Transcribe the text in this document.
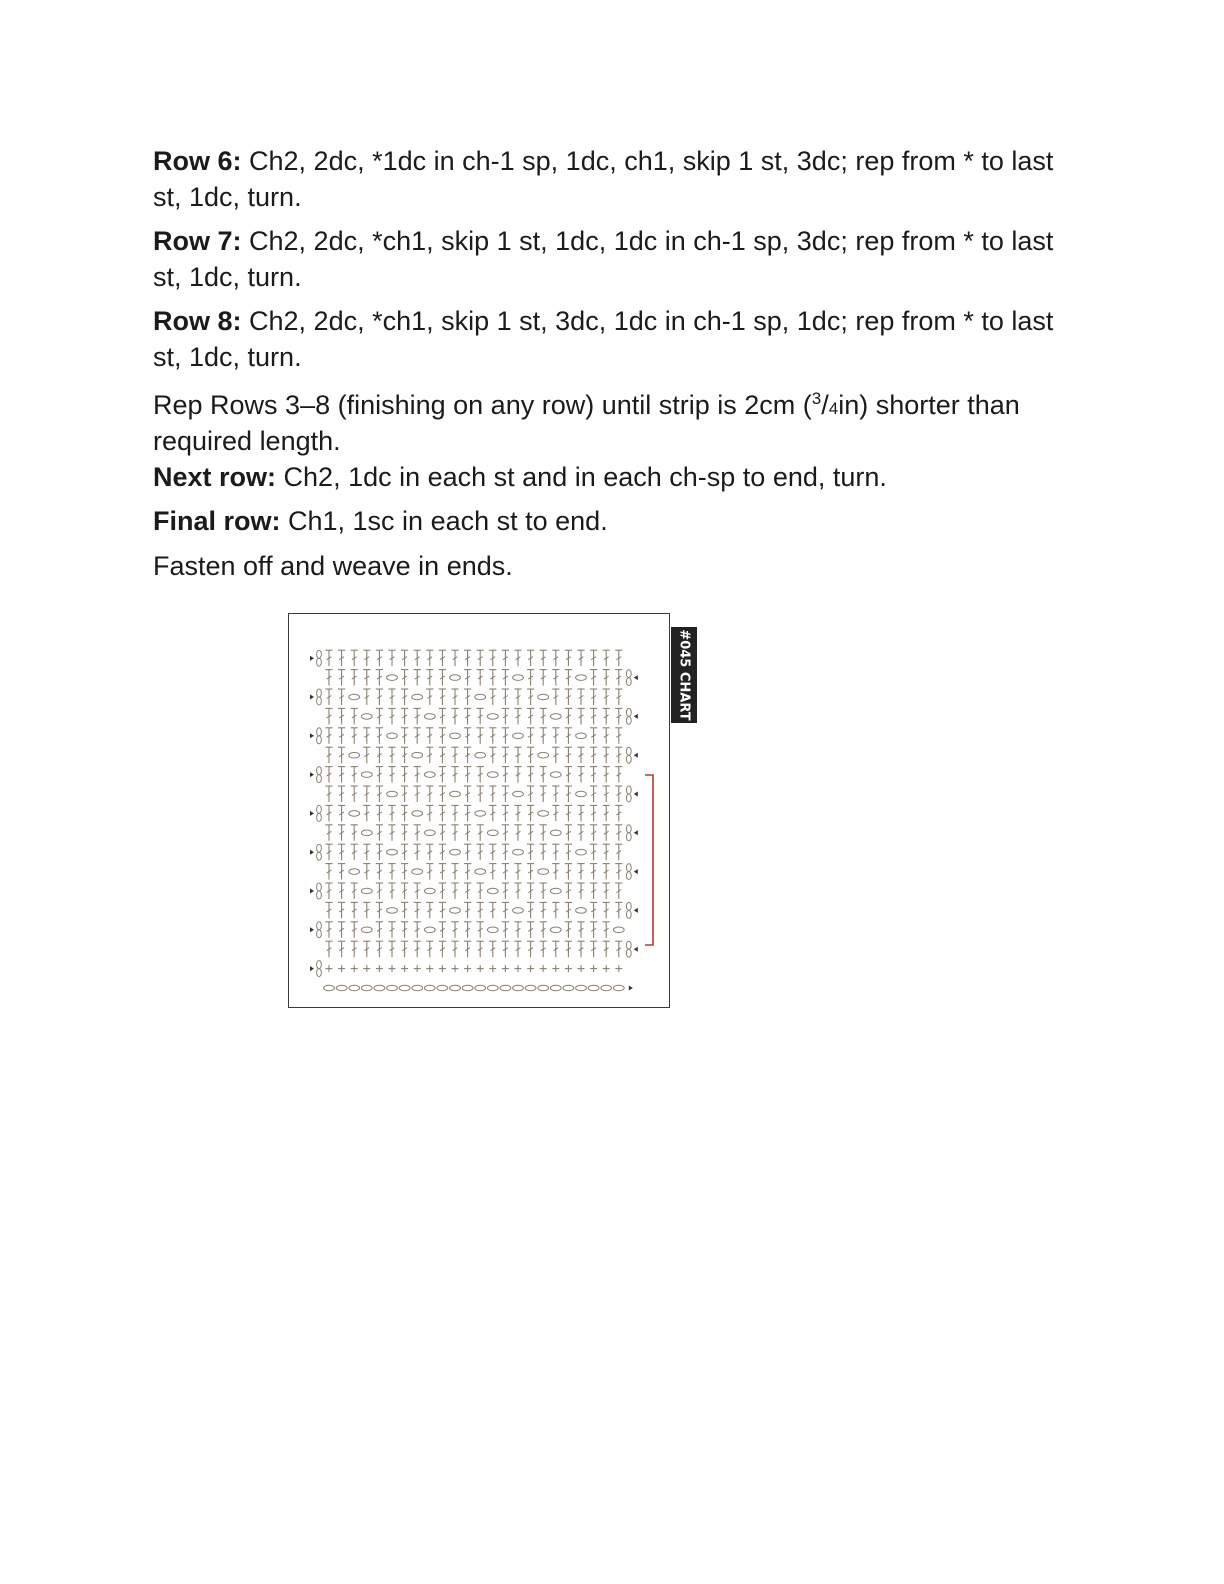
Row 6: Ch2, 2dc, *1dc in ch-1 sp, 1dc, ch1, skip 1 st, 3dc; rep from * to last st, 1dc, turn.

Row 7: Ch2, 2dc, *ch1, skip 1 st, 1dc, 1dc in ch-1 sp, 3dc; rep from * to last st, 1dc, turn.

Row 8: Ch2, 2dc, *ch1, skip 1 st, 3dc, 1dc in ch-1 sp, 1dc; rep from * to last st, 1dc, turn.

Rep Rows 3–8 (finishing on any row) until strip is 2cm ($^3$/4in) shorter than required length.

Next row: Ch2, 1dc in each st and in each ch-sp to end, turn.

Final row: Ch1, 1sc in each st to end.

Fasten off and weave in ends.

#045 CHART
